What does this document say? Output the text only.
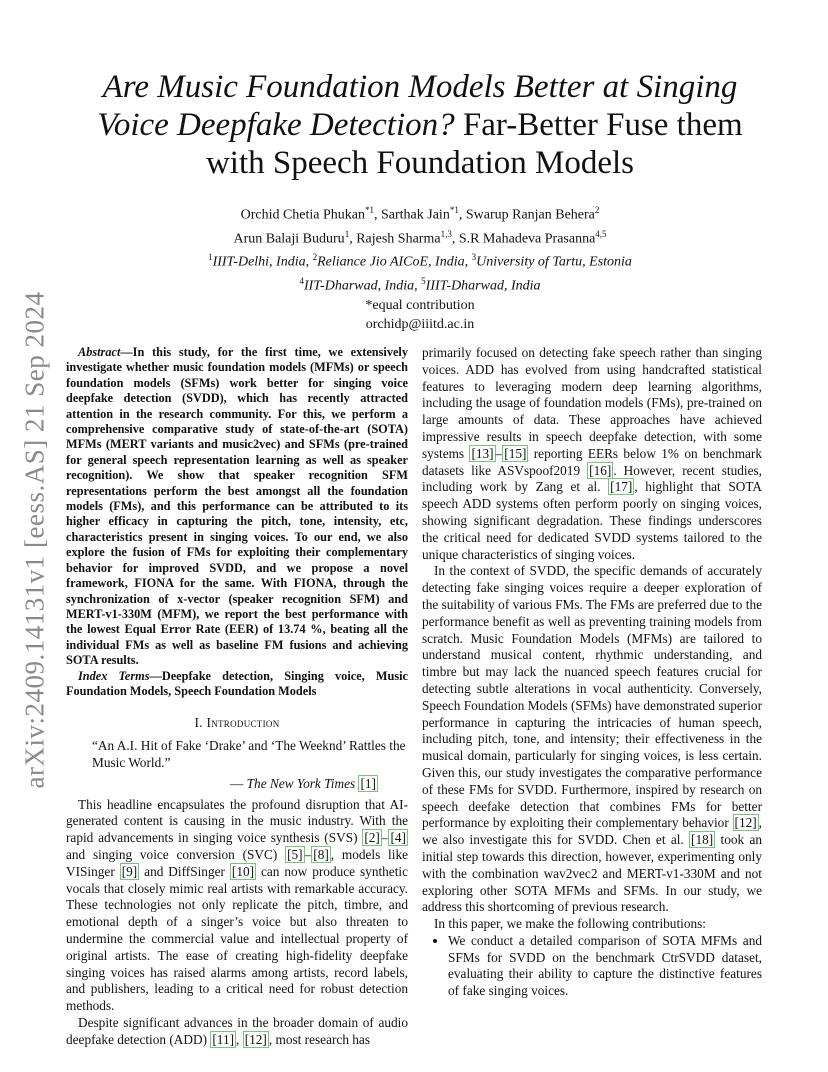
arXiv:2409.14131v1 [eess.AS] 21 Sep 2024
Are Music Foundation Models Better at Singing Voice Deepfake Detection? Far-Better Fuse them with Speech Foundation Models
Orchid Chetia Phukan$^{*1}$, Sarthak Jain$^{*1}$, Swarup Ranjan Behera$^2$
Arun Balaji Buduru$^1$, Rajesh Sharma$^{1,3}$, S.R Mahadeva Prasanna$^{4,5}$
$^1$IIIT-Delhi, India, $^2$Reliance Jio AICoE, India, $^3$University of Tartu, Estonia
$^4$IIT-Dharwad, India, $^5$IIIT-Dharwad, India
*equal contribution
orchidp@iiitd.ac.in

Abstract—In this study, for the first time, we extensively investigate whether music foundation models (MFMs) or speech foundation models (SFMs) work better for singing voice deepfake detection (SVDD), which has recently attracted attention in the research community. For this, we perform a comprehensive comparative study of state-of-the-art (SOTA) MFMs (MERT variants and music2vec) and SFMs (pre-trained for general speech representation learning as well as speaker recognition). We show that speaker recognition SFM representations perform the best amongst all the foundation models (FMs), and this performance can be attributed to its higher efficacy in capturing the pitch, tone, intensity, etc, characteristics present in singing voices. To our end, we also explore the fusion of FMs for exploiting their complementary behavior for improved SVDD, and we propose a novel framework, FIONA for the same. With FIONA, through the synchronization of x-vector (speaker recognition SFM) and MERT-v1-330M (MFM), we report the best performance with the lowest Equal Error Rate (EER) of 13.74 %, beating all the individual FMs as well as baseline FM fusions and achieving SOTA results.

Index Terms—Deepfake detection, Singing voice, Music Foundation Models, Speech Foundation Models

I. Introduction

“An A.I. Hit of Fake ‘Drake’ and ‘The Weeknd’ Rattles the Music World.”

— The New York Times [1]

This headline encapsulates the profound disruption that AI-generated content is causing in the music industry. With the rapid advancements in singing voice synthesis (SVS) [2] – [4] and singing voice conversion (SVC) [5] – [8] , models like VISinger [9] and DiffSinger [10] can now produce synthetic vocals that closely mimic real artists with remarkable accuracy. These technologies not only replicate the pitch, timbre, and emotional depth of a singer’s voice but also threaten to undermine the commercial value and intellectual property of original artists. The ease of creating high-fidelity deepfake singing voices has raised alarms among artists, record labels, and publishers, leading to a critical need for robust detection methods.

Despite significant advances in the broader domain of audio deepfake detection (ADD) [11] , [12] , most research has

primarily focused on detecting fake speech rather than singing voices. ADD has evolved from using handcrafted statistical features to leveraging modern deep learning algorithms, including the usage of foundation models (FMs), pre-trained on large amounts of data. These approaches have achieved impressive results in speech deepfake detection, with some systems [13] – [15] reporting EERs below 1% on benchmark datasets like ASVspoof2019 [16] . However, recent studies, including work by Zang et al. [17] , highlight that SOTA speech ADD systems often perform poorly on singing voices, showing significant degradation. These findings underscores the critical need for dedicated SVDD systems tailored to the unique characteristics of singing voices.

In the context of SVDD, the specific demands of accurately detecting fake singing voices require a deeper exploration of the suitability of various FMs. The FMs are preferred due to the performance benefit as well as preventing training models from scratch. Music Foundation Models (MFMs) are tailored to understand musical content, rhythmic understanding, and timbre but may lack the nuanced speech features crucial for detecting subtle alterations in vocal authenticity. Conversely, Speech Foundation Models (SFMs) have demonstrated superior performance in capturing the intricacies of human speech, including pitch, tone, and intensity; their effectiveness in the musical domain, particularly for singing voices, is less certain. Given this, our study investigates the comparative performance of these FMs for SVDD. Furthermore, inspired by research on speech deefake detection that combines FMs for better performance by exploiting their complementary behavior [12] , we also investigate this for SVDD. Chen et al. [18] took an initial step towards this direction, however, experimenting only with the combination wav2vec2 and MERT-v1-330M and not exploring other SOTA MFMs and SFMs. In our study, we address this shortcoming of previous research.

In this paper, we make the following contributions:

• We conduct a detailed comparison of SOTA MFMs and SFMs for SVDD on the benchmark CtrSVDD dataset, evaluating their ability to capture the distinctive features of fake singing voices.
